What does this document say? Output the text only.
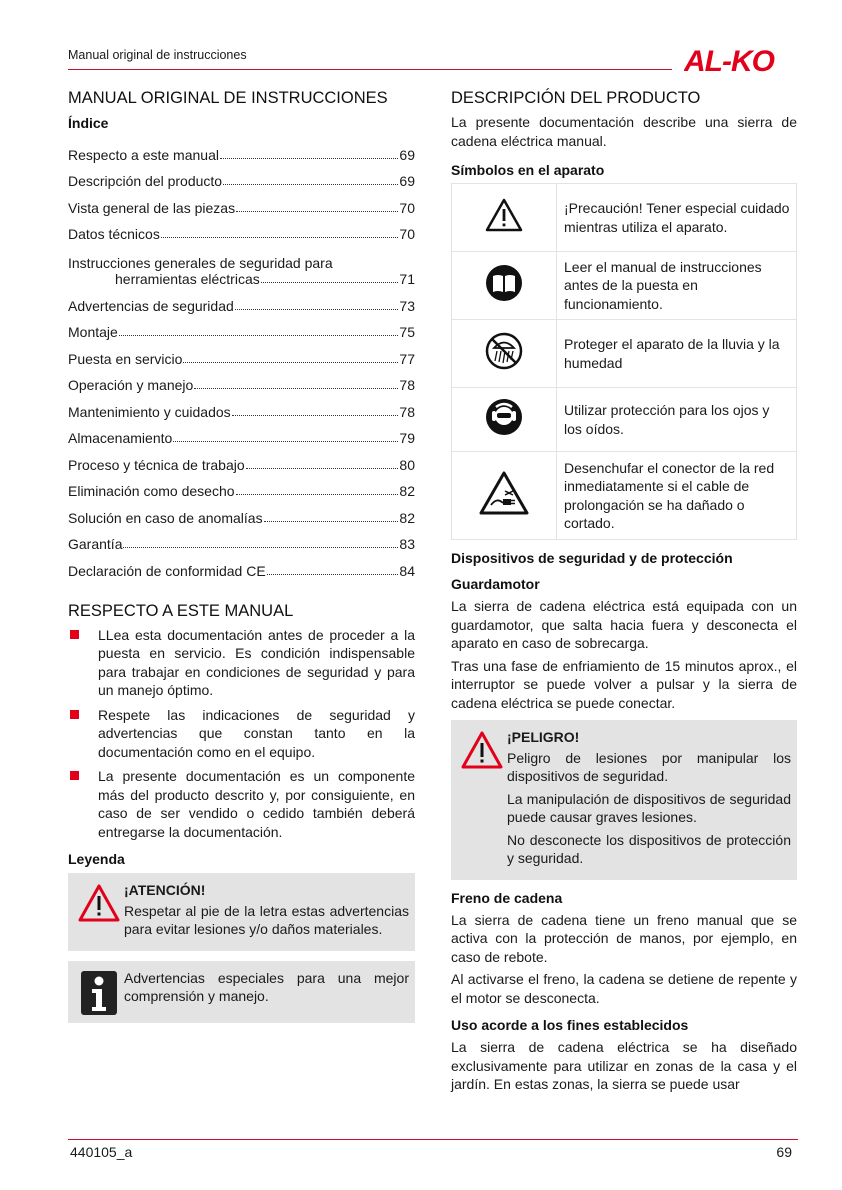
Manual original de instrucciones	AL-KO
MANUAL ORIGINAL DE INSTRUCCIONES
Índice
Respecto a este manual	69
Descripción del producto	69
Vista general de las piezas	70
Datos técnicos	70
Instrucciones generales de seguridad para
herramientas eléctricas	71
Advertencias de seguridad	73
Montaje	75
Puesta en servicio	77
Operación y manejo	78
Mantenimiento y cuidados	78
Almacenamiento	79
Proceso y técnica de trabajo	80
Eliminación como desecho	82
Solución en caso de anomalías	82
Garantía	83
Declaración de conformidad CE	84
RESPECTO A ESTE MANUAL
LLea esta documentación antes de proceder a la puesta en servicio. Es condición indispensable para trabajar en condiciones de seguridad y para un manejo óptimo.
Respete las indicaciones de seguridad y advertencias que constan tanto en la documentación como en el equipo.
La presente documentación es un componente más del producto descrito y, por consiguiente, en caso de ser vendido o cedido también deberá entregarse la documentación.
Leyenda
¡ATENCIÓN!

Respetar al pie de la letra estas advertencias para evitar lesiones y/o daños materiales.

Advertencias especiales para una mejor comprensión y manejo.

DESCRIPCIÓN DEL PRODUCTO

La presente documentación describe una sierra de cadena eléctrica manual.

Símbolos en el aparato
	¡Precaución! Tener especial cuidado mientras utiliza el aparato.
	Leer el manual de instrucciones antes de la puesta en funcionamiento.
	Proteger el aparato de la lluvia y la humedad
	Utilizar protección para los ojos y los oídos.
	Desenchufar el conector de la red inmediatamente si el cable de prolongación se ha dañado o cortado.
Dispositivos de seguridad y de protección
Guardamotor

La sierra de cadena eléctrica está equipada con un guardamotor, que salta hacia fuera y desconecta el aparato en caso de sobrecarga.

Tras una fase de enfriamiento de 15 minutos aprox., el interruptor se puede volver a pulsar y la sierra de cadena eléctrica se puede conectar.

¡PELIGRO!

Peligro de lesiones por manipular los dispositivos de seguridad.

La manipulación de dispositivos de seguridad puede causar graves lesiones.

No desconecte los dispositivos de protección y seguridad.

Freno de cadena

La sierra de cadena tiene un freno manual que se activa con la protección de manos, por ejemplo, en caso de rebote.

Al activarse el freno, la cadena se detiene de repente y el motor se desconecta.

Uso acorde a los fines establecidos

La sierra de cadena eléctrica se ha diseñado exclusivamente para utilizar en zonas de la casa y el jardín. En estas zonas, la sierra se puede usar

440105_a	69
